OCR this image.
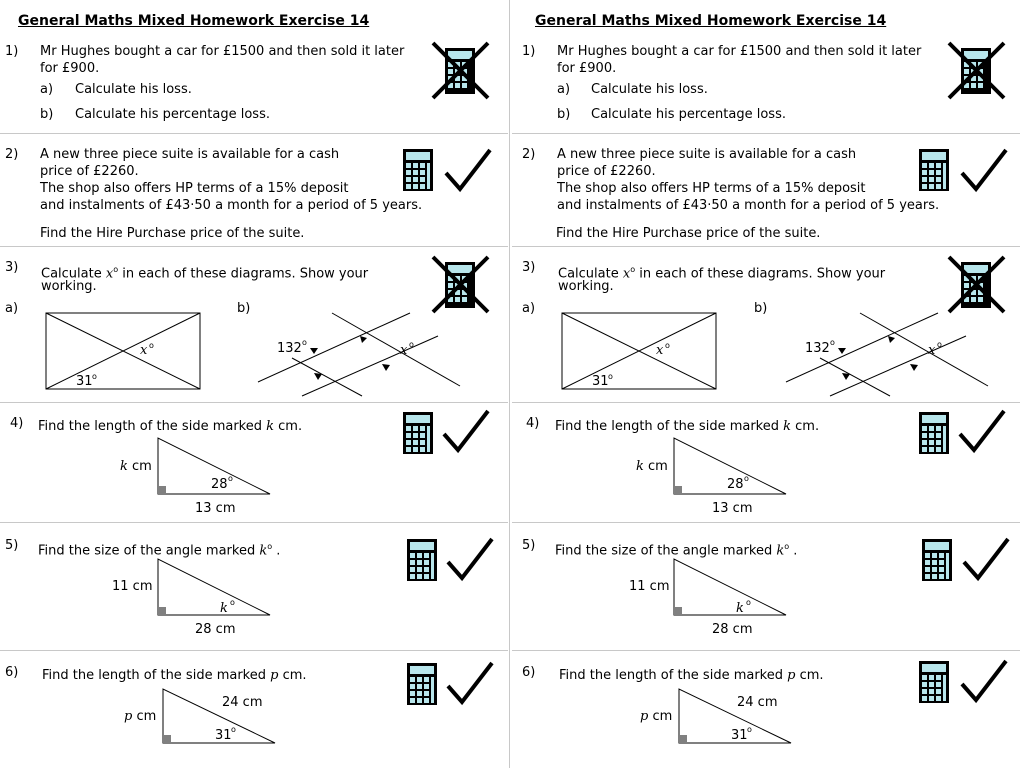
General Maths Mixed Homework Exercise 14
1) Mr Hughes bought a car for £1500 and then sold it later
for £900.
a) Calculate his loss.
b) Calculate his percentage loss.
2) A new three piece suite is available for a cash
price of £2260.
The shop also offers HP terms of a 15% deposit
and instalments of £43·50 a month for a period of 5 years.
Find the Hire Purchase price of the suite.
3) Calculate $x^o$ in each of these diagrams. Show your
working.
a)	b)
x o
31 o
132 o
x o
4) Find the length of the side marked k cm.
k cm
28 o
13 cm
5) Find the size of the angle marked $k^o$ .
11 cm
k o
28 cm
6) Find the length of the side marked p cm.
24 cm
p cm
31 o
General Maths Mixed Homework Exercise 14
1) Mr Hughes bought a car for £1500 and then sold it later
for £900.
a) Calculate his loss.
b) Calculate his percentage loss.
2) A new three piece suite is available for a cash
price of £2260.
The shop also offers HP terms of a 15% deposit
and instalments of £43·50 a month for a period of 5 years.
Find the Hire Purchase price of the suite.
3) Calculate $x^o$ in each of these diagrams. Show your
working.
a)	b)
x o
31 o
132 o
x o
4) Find the length of the side marked k cm.
k cm
28 o
13 cm
5) Find the size of the angle marked $k^o$ .
11 cm
k o
28 cm
6) Find the length of the side marked p cm.
24 cm
p cm
31 o
